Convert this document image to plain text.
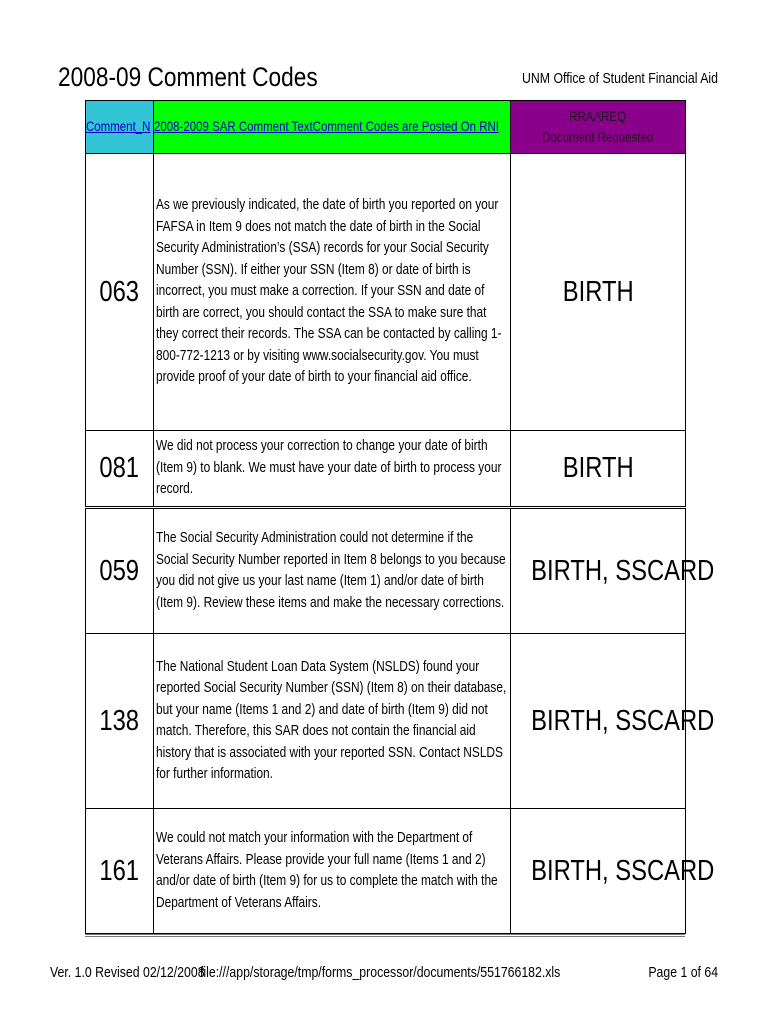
2008-09 Comment Codes	UNM Office of Student Financial Aid
Comment_N	2008-2009 SAR Comment TextComment Codes are Posted On RNI	RRAAREQ
Document Requested
063	As we previously indicated, the date of birth you reported on your FAFSA in Item 9 does not match the date of birth in the Social Security Administration’s (SSA) records for your Social Security Number (SSN). If either your SSN (Item 8) or date of birth is incorrect, you must make a correction. If your SSN and date of birth are correct, you should contact the SSA to make sure that they correct their records. The SSA can be contacted by calling 1-800-772-1213 or by visiting www.socialsecurity.gov. You must provide proof of your date of birth to your financial aid office.	BIRTH
081	We did not process your correction to change your date of birth (Item 9) to blank. We must have your date of birth to process your record.	BIRTH
059	The Social Security Administration could not determine if the Social Security Number reported in Item 8 belongs to you because you did not give us your last name (Item 1) and/or date of birth (Item 9). Review these items and make the necessary corrections.	BIRTH, SSCARD
138	The National Student Loan Data System (NSLDS) found your reported Social Security Number (SSN) (Item 8) on their database, but your name (Items 1 and 2) and date of birth (Item 9) did not match. Therefore, this SAR does not contain the financial aid history that is associated with your reported SSN. Contact NSLDS for further information.	BIRTH, SSCARD
161	We could not match your information with the Department of Veterans Affairs. Please provide your full name (Items 1 and 2) and/or date of birth (Item 9) for us to complete the match with the Department of Veterans Affairs.	BIRTH, SSCARD
Ver. 1.0 Revised 02/12/2008
file:///app/storage/tmp/forms_processor/documents/551766182.xls	Page 1 of 64
